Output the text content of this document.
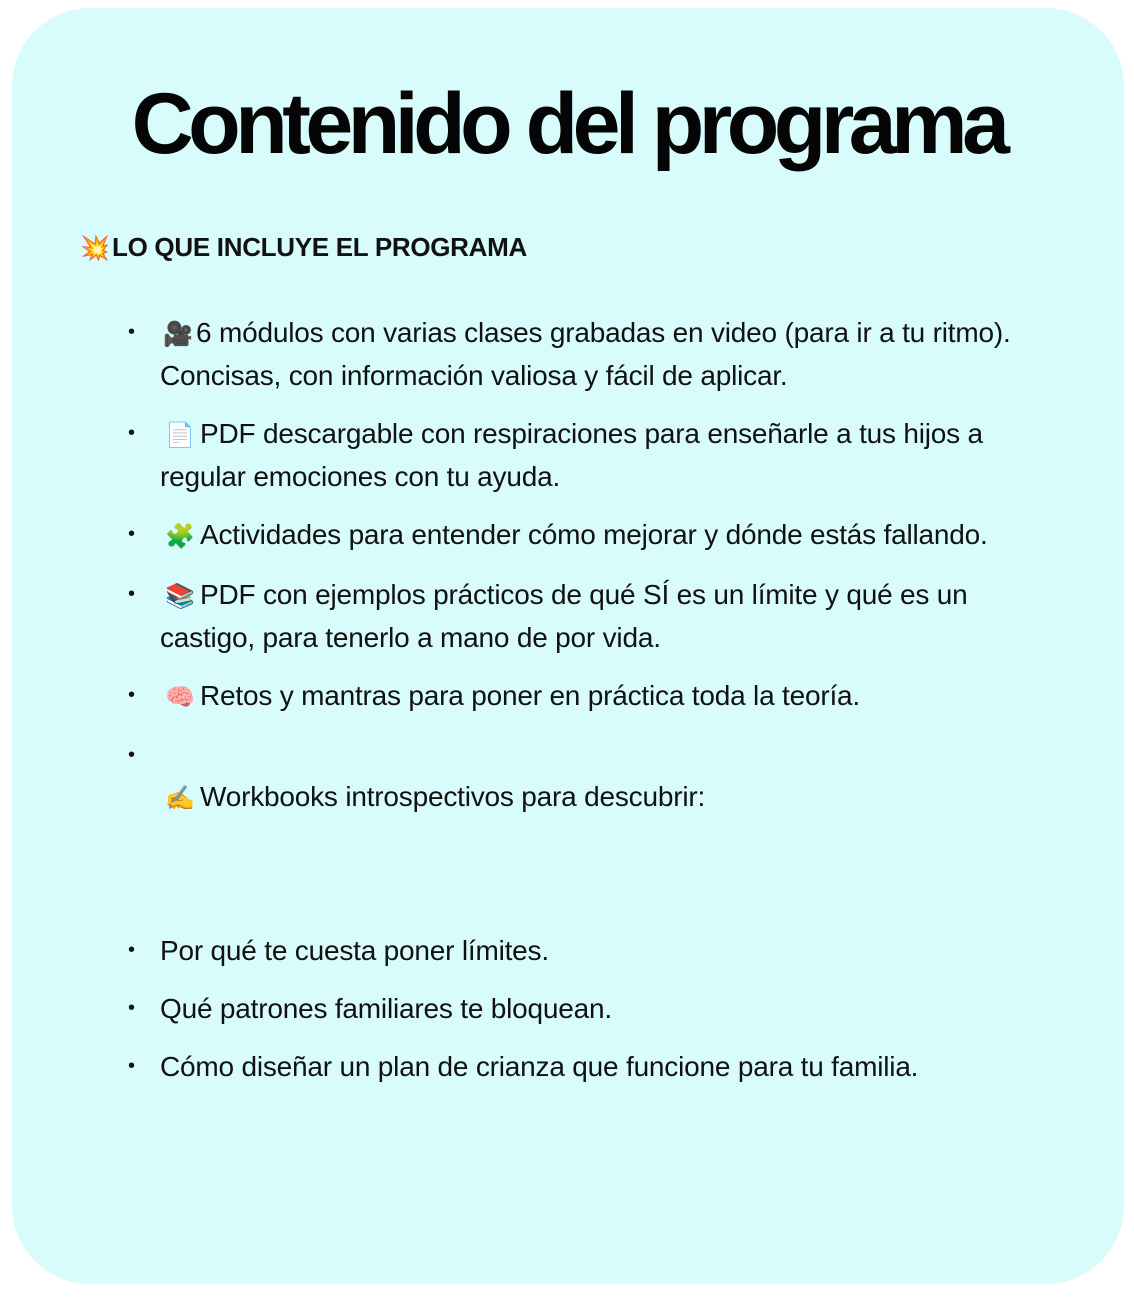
Contenido del programa
💥LO QUE INCLUYE EL PROGRAMA
• 🎥 6 módulos con varias clases grabadas en video (para ir a tu ritmo). Concisas, con información valiosa y fácil de aplicar.
• 📄 PDF descargable con respiraciones para enseñarle a tus hijos a regular emociones con tu ayuda.
• 🧩 Actividades para entender cómo mejorar y dónde estás fallando.
• 📚 PDF con ejemplos prácticos de qué SÍ es un límite y qué es un castigo, para tenerlo a mano de por vida.
• 🧠 Retos y mantras para poner en práctica toda la teoría.
• ✍️ Workbooks introspectivos para descubrir:
• Por qué te cuesta poner límites.
• Qué patrones familiares te bloquean.
• Cómo diseñar un plan de crianza que funcione para tu familia.
